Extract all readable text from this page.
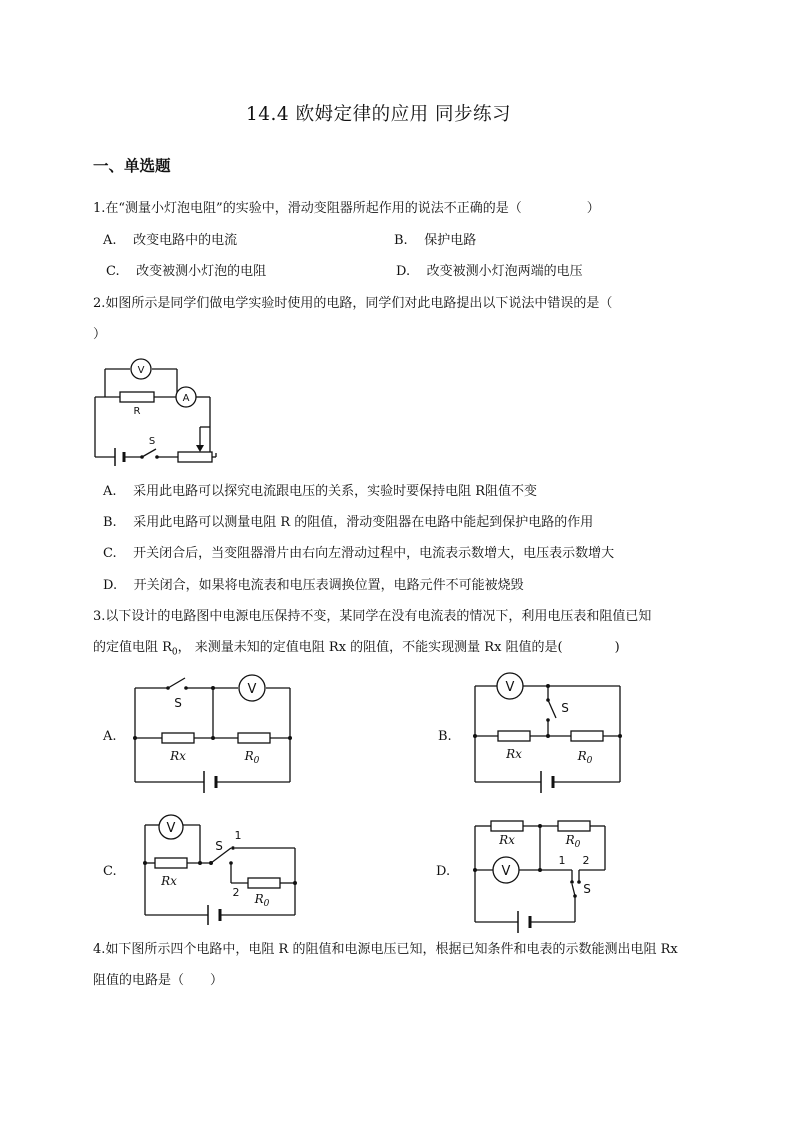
14.4 欧姆定律的应用 同步练习
一、单选题
1.在“测量小灯泡电阻”的实验中，滑动变阻器所起作用的说法不正确的是（　　　　　）
A. 改变电路中的电流	B. 保护电路
C. 改变被测小灯泡的电阻	D. 改变被测小灯泡两端的电压
2.如图所示是同学们做电学实验时使用的电路，同学们对此电路提出以下说法中错误的是（
）
V
A
R
S
A. 采用此电路可以探究电流跟电压的关系，实验时要保持电阻 R阻值不变
B. 采用此电路可以测量电阻 R 的阻值，滑动变阻器在电路中能起到保护电路的作用
C. 开关闭合后，当变阻器滑片由右向左滑动过程中，电流表示数增大，电压表示数增大
D. 开关闭合，如果将电流表和电压表调换位置，电路元件不可能被烧毁
3.以下设计的电路图中电源电压保持不变，某同学在没有电流表的情况下，利用电压表和阻值已知
的定值电阻 $R_0$， 来测量未知的定值电阻 Rx 的阻值，不能实现测量 Rx 阻值的是(　　　　)
A.	B.
C.	D.
V
S
Rx	$R_0$
V
S
Rx	$R_0$
V
S
1
2
Rx
$R_0$
V
Rx	$R_0$
1 2
S
4.如下图所示四个电路中，电阻 R 的阻值和电源电压已知，根据已知条件和电表的示数能测出电阻 Rx
阻值的电路是（　　）
